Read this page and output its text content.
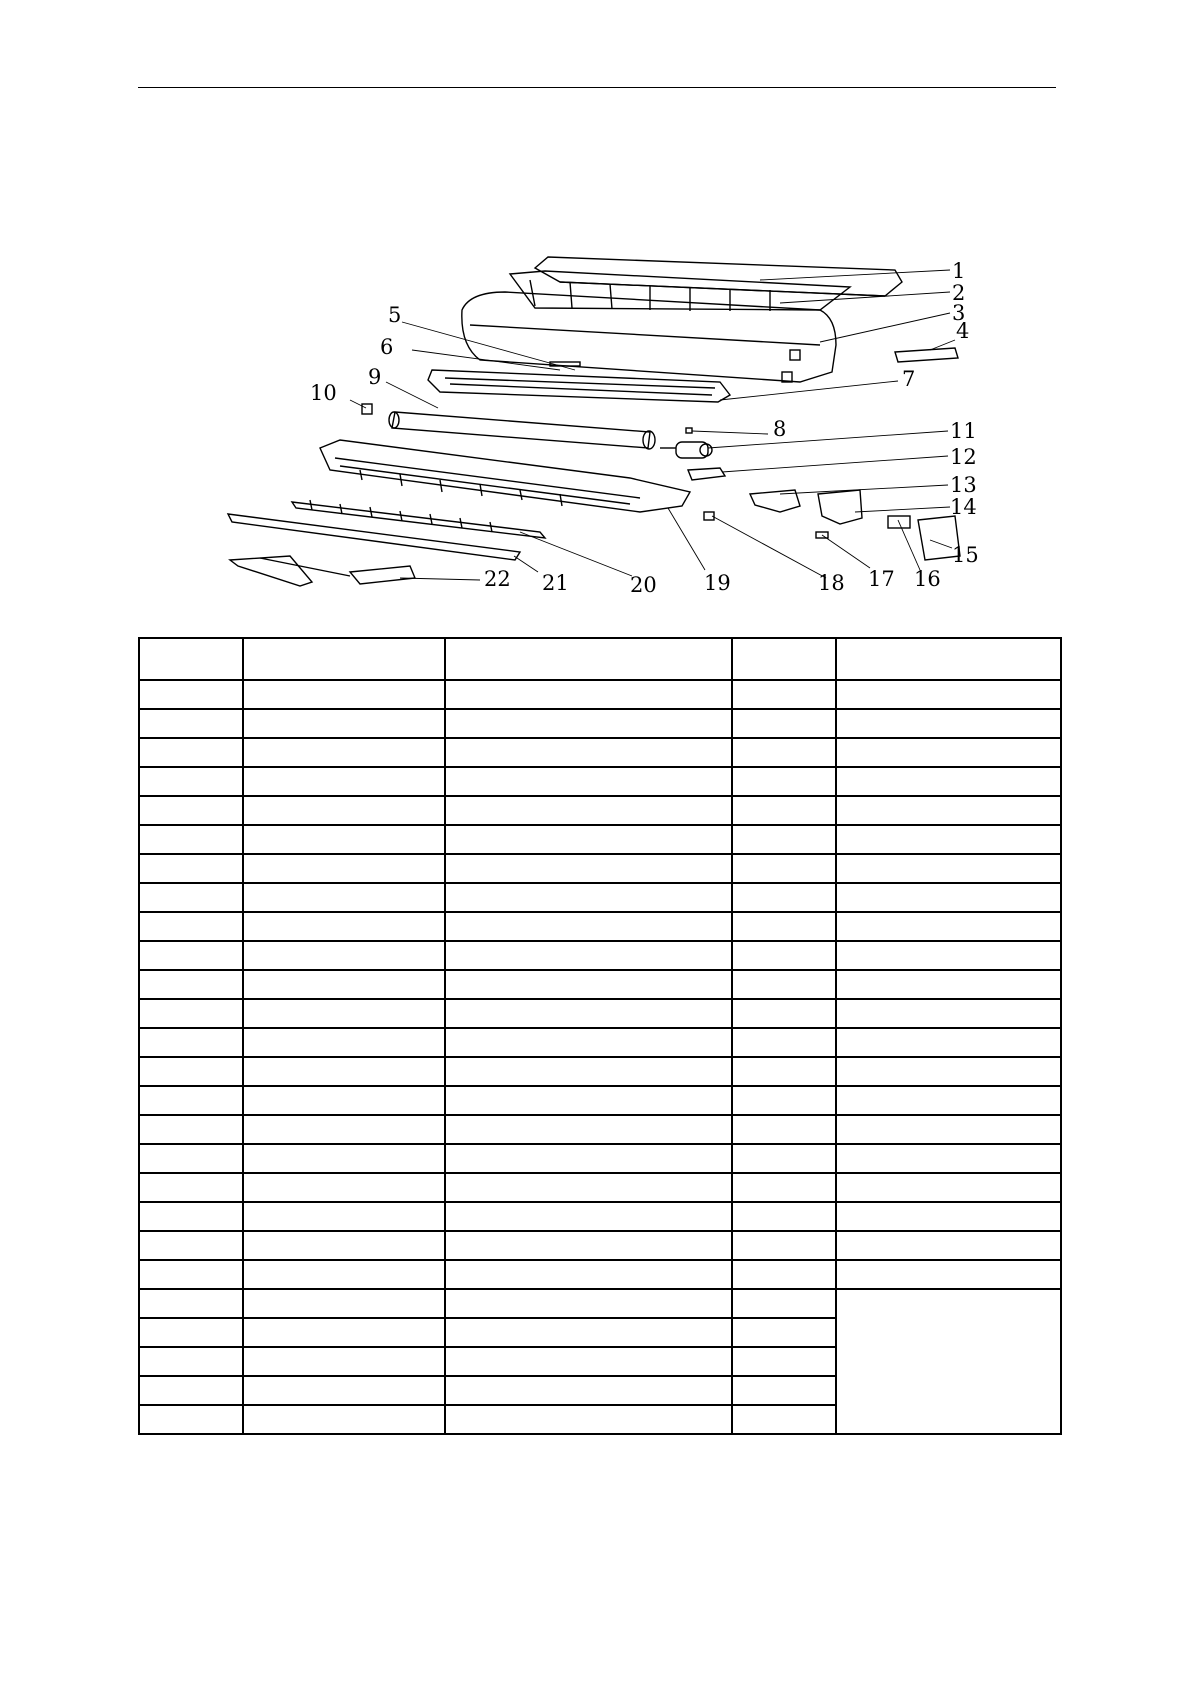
1
2
3
4
5
6
7
8
9
10
11
12
13
14
15
16
17
18
19
20
21
22
